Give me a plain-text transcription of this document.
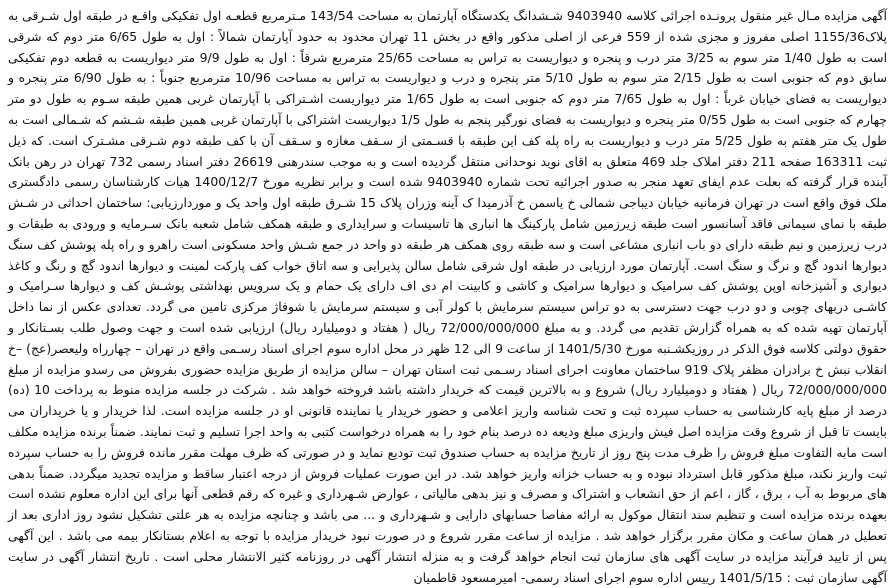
آگهی مزایده مـال غیر منقول پرونـده اجرائی کلاسه 9403940 شـشدانگ یکدستگاه آپارتمان به مساحت 143/54 مـترمربع قطعـه اول تفکیکی واقـع در طبقه اول شـرقی به پلاک1155/36 اصلی مفروز و مجزی شده از 559 فرعی از اصلی مذکور واقع در بخش 11 تهران محدود به حدود آپارتمان شمالاً : اول به طول 6/65 متر دوم که شرقی است به طول 1/40 متر سوم به 3/25 متر درب و پنجره و دیواریست به تراس به مساحت 25/65 مترمربع شرقاً : اول به طول 9/9 متر دیواریست به قطعه دوم تفکیکی سابق دوم که جنوبی است به طول 2/15 متر سوم به طول 5/10 متر پنجره و درب و دیواریست به تراس به مساحت 10/96 مترمربع جنوباً : به طول 6/90 متر پنجره و دیواریست به فضای خیابان غرباً : اول به طول 7/65 متر دوم که جنوبی است به طول 1/65 متر دیواریست اشـتراکی با آپارتمان غربی همین طبقه سـوم به طول دو متر چهارم که جنوبی است به طول 0/55 متر پنجره و دیواریست به فضای نورگیر پنجم به طول 1/5 دیواریست اشتراکی با آپارتمان غربی همین طبقه شـشم که شـمالی است به طول یک متر هفتم به طول 5/25 متر درب و دیواریست به راه پله کف این طبقه با قسـمتی از سـقف مغازه و سـقف آن با کف طبقه دوم شـرقی مشـترک است. که ذیل ثبت 163311 صفحه 211 دفتر املاک جلد 469 متعلق به اقای نوید نوحدانی منتقل گردیده است و به موجب سندرهنی 26619 دفتر اسناد رسمی 732 تهران در رهن بانک آینده قرار گرفته که بعلت عدم ایفای تعهد منجر به صدور اجرائیه تحت شماره 9403940 شده است و برابر نظریه مورخ 1400/12/7 هیات کارشناسان رسمی دادگستری ملک فوق واقع است در تهران فرمانیه خیابان دیباجی شمالی خ یاسمن خ آذرمیدا ک آینه وزران پلاک 15 شـرق طبقه اول واحد یک و موردارزیابی: ساختمان احداثی در شـش طبقه با نمای سیمانی فاقد آسانسور است طبقه زیرزمین شامل پارکینگ ها انباری ها تاسیسات و سرایداری و طبقه همکف شامل شعبه بانک سـرمایه و ورودی به طبقات و درب زیرزمین و نیم طبقه دارای دو باب انباری مشاعی است و سه طبقه روی همکف هر طبقه دو واحد در جمع شـش واحد مسکونی است راهرو و راه پله پوشش کف سنگ دیوارها اندود گچ و نرگ و سنگ است. آپارتمان مورد ارزیابی در طبقه اول شرقی شامل سالن پذیرایی و سه اتاق خواب کف پارکت لمینت و دیوارها اندود گچ و رنگ و کاغذ دیواری و آشپزخانه اوپن پوشش کف سرامیک و دیوارها سرامیک و کاشی و کابینت ام دی اف دارای یک حمام و یک سرویس بهداشتی پوشـش کف و دیوارها سـرامیک و کاشـی دربهای چوبی و دو درب جهت دسترسی به دو تراس سیستم سرمایش با کولر آبی و سیستم سرمایش با شوفاژ مرکزی تامین می گردد. تعدادی عکس از نما داخل آپارتمان تهیه شده که به همراه گزارش تقدیم می گردد. و به مبلغ 72/000/000/000 ریال ( هفتاد و دومیلیارد ریال) ارزیابی شده است و جهت وصول طلب بسـتانکار و حقوق دولتی کلاسه فوق الذکر در روزیکشـنبه مورخ 1401/5/30 از ساعت 9 الی 12 ظهر در محل اداره سوم اجرای اسناد رسـمی واقع در تهران – چهارراه ولیعصر(عج) –خ انقلاب نبش خ برادران مظفر پلاک 919 ساختمان معاونت اجرای اسناد رسـمی ثبت استان تهران – سالن مزایده از طریق مزایده حضوری بفروش می رسدو مزایده از مبلغ 72/000/000/000 ریال ( هفتاد و دومیلیارد ریال) شروع و به بالاترین قیمت که خریدار داشته باشد فروخته خواهد شد . شرکت در جلسه مزایده منوط به پرداخت 10 (ده) درصد از مبلغ پایه کارشناسی به حساب سپرده ثبت و تحت شناسه واریز اعلامی و حضور خریدار یا نماینده قانونی او در جلسه مزایده است. لذا خریدار و یا خریداران می بایست تا قبل از شروع وقت مزایده اصل فیش واریزی مبلغ ودیعه ده درصد بنام خود را به همراه درخواست کتبی به واحد اجرا تسلیم و ثبت نمایند. ضمناً برنده مزایده مکلف است مابه التفاوت مبلغ فروش را ظرف مدت پنج روز از تاریخ مزایده به حساب صندوق ثبت تودیع نماید و در صورتی که ظرف مهلت مقرر مانده فروش را به حساب سپرده ثبت واریز نکند، مبلغ مذکور قابل استرداد نبوده و به حساب خزانه واریز خواهد شد. در این صورت عملیات فروش از درجه اعتبار ساقط و مزایده تجدید میگردد. ضمناً بدهی های مربوط به آب ، برق ، گاز ، اعم از حق انشعاب و اشتراک و مصرف و نیز بدهی مالیاتی ، عوارض شـهرداری و غیره که رقم قطعی آنها برای این اداره معلوم نشده است بعهده برنده مزایده است و تنظیم سند انتقال موکول به ارائه مفاصا حسابهای دارایی و شـهرداری و ... می باشد و چنانچه مزایده به هر علتی تشکیل نشود روز اداری بعد از تعطیل در همان ساعت و مکان مقرر برگزار خواهد شد . مزایده از ساعت مقرر شروع و در صورت نبود خریدار مزایده با توجه به اعلام بستانکار بیمه می باشد . این آگهی پس از تایید فرآیند مزایده در سایت آگهی های سازمان ثبت انجام خواهد گرفت و به منزله انتشار آگهی در روزنامه کثیر الانتشار محلی است . تاریخ انتشار آگهی در سایت آگهی سازمان ثبت : 1401/5/15 رییس اداره سوم اجرای اسناد رسمی- امیرمسعود قاطمیان
